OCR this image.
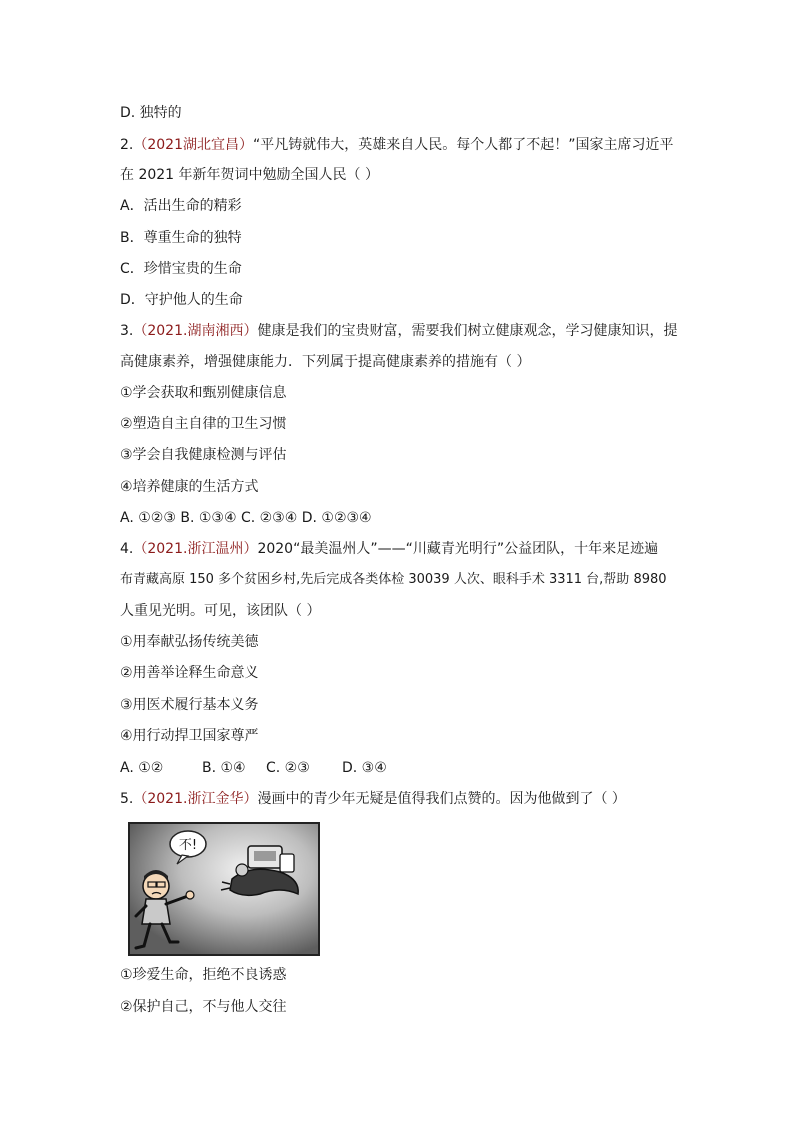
D. 独特的
2.（2021湖北宜昌）“平凡铸就伟大，英雄来自人民。每个人都了不起！”国家主席习近平
在 2021 年新年贺词中勉励全国人民（ ）
A．活出生命的精彩
B．尊重生命的独特
C．珍惜宝贵的生命
D．守护他人的生命
3.（2021.湖南湘西）健康是我们的宝贵财富，需要我们树立健康观念，学习健康知识，提
高健康素养，增强健康能力．下列属于提高健康素养的措施有（ ）
①学会获取和甄别健康信息
②塑造自主自律的卫生习惯
③学会自我健康检测与评估
④培养健康的生活方式
A. ①②③ B. ①③④ C. ②③④ D. ①②③④
4.（2021.浙江温州）2020“最美温州人”——“川藏青光明行”公益团队，十年来足迹遍
布青藏高原 150 多个贫困乡村,先后完成各类体检 30039 人次、眼科手术 3311 台,帮助 8980
人重见光明。可见，该团队（ ）
①用奉献弘扬传统美德
②用善举诠释生命意义
③用医术履行基本义务
④用行动捍卫国家尊严
A. ①②	B. ①④ C. ②③ D. ③④
5.（2021.浙江金华）漫画中的青少年无疑是值得我们点赞的。因为他做到了（ ）
不!
①珍爱生命，拒绝不良诱惑
②保护自己，不与他人交往
